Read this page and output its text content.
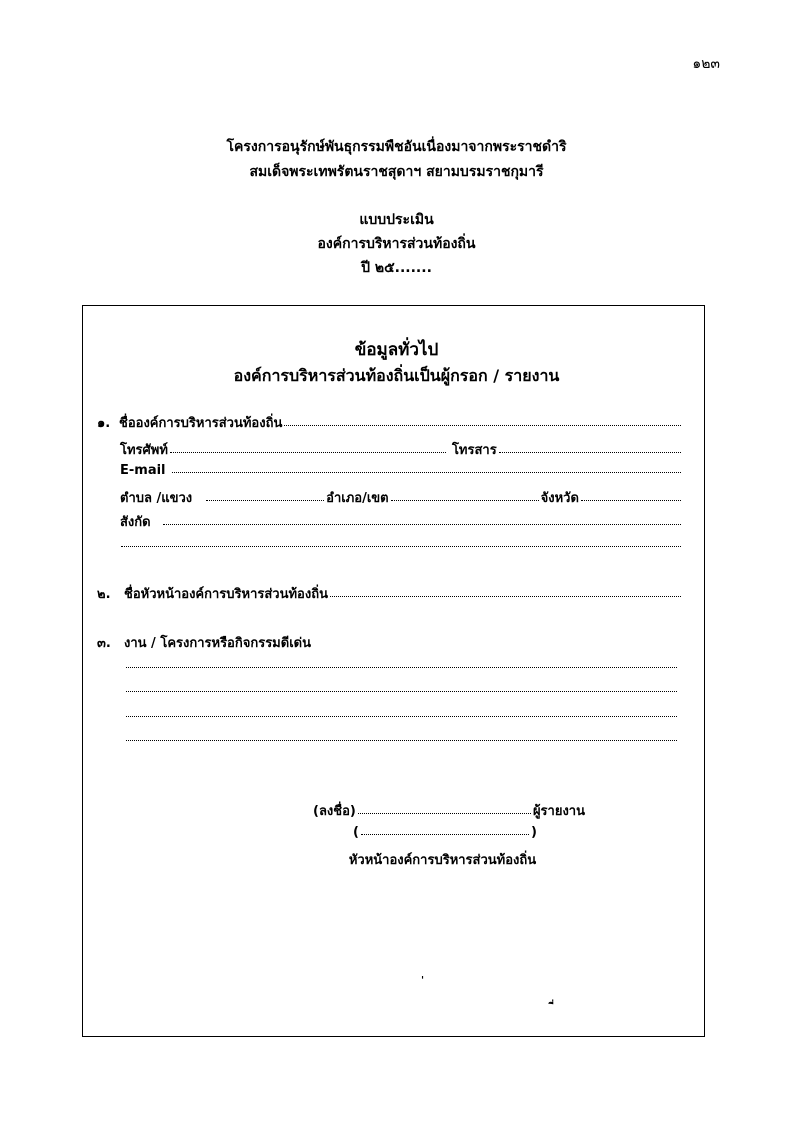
๑๒๓
โครงการอนุรักษ์พันธุกรรมพืชอันเนื่องมาจากพระราชดำริ
สมเด็จพระเทพรัตนราชสุดาฯ สยามบรมราชกุมารี
แบบประเมิน
องค์การบริหารส่วนท้องถิ่น
ปี ๒๕.......
ข้อมูลทั่วไป
องค์การบริหารส่วนท้องถิ่นเป็นผู้กรอก / รายงาน
๑. ชื่อองค์การบริหารส่วนท้องถิ่น
โทรศัพท์	โทรสาร
E-mail
ตำบล /แขวง	อำเภอ/เขต	จังหวัด
สังกัด
๒.	ชื่อหัวหน้าองค์การบริหารส่วนท้องถิ่น
๓.	งาน / โครงการหรือกิจกรรมดีเด่น
(ลงชื่อ)	ผู้รายงาน
(	)
หัวหน้าองค์การบริหารส่วนท้องถิ่น
'
